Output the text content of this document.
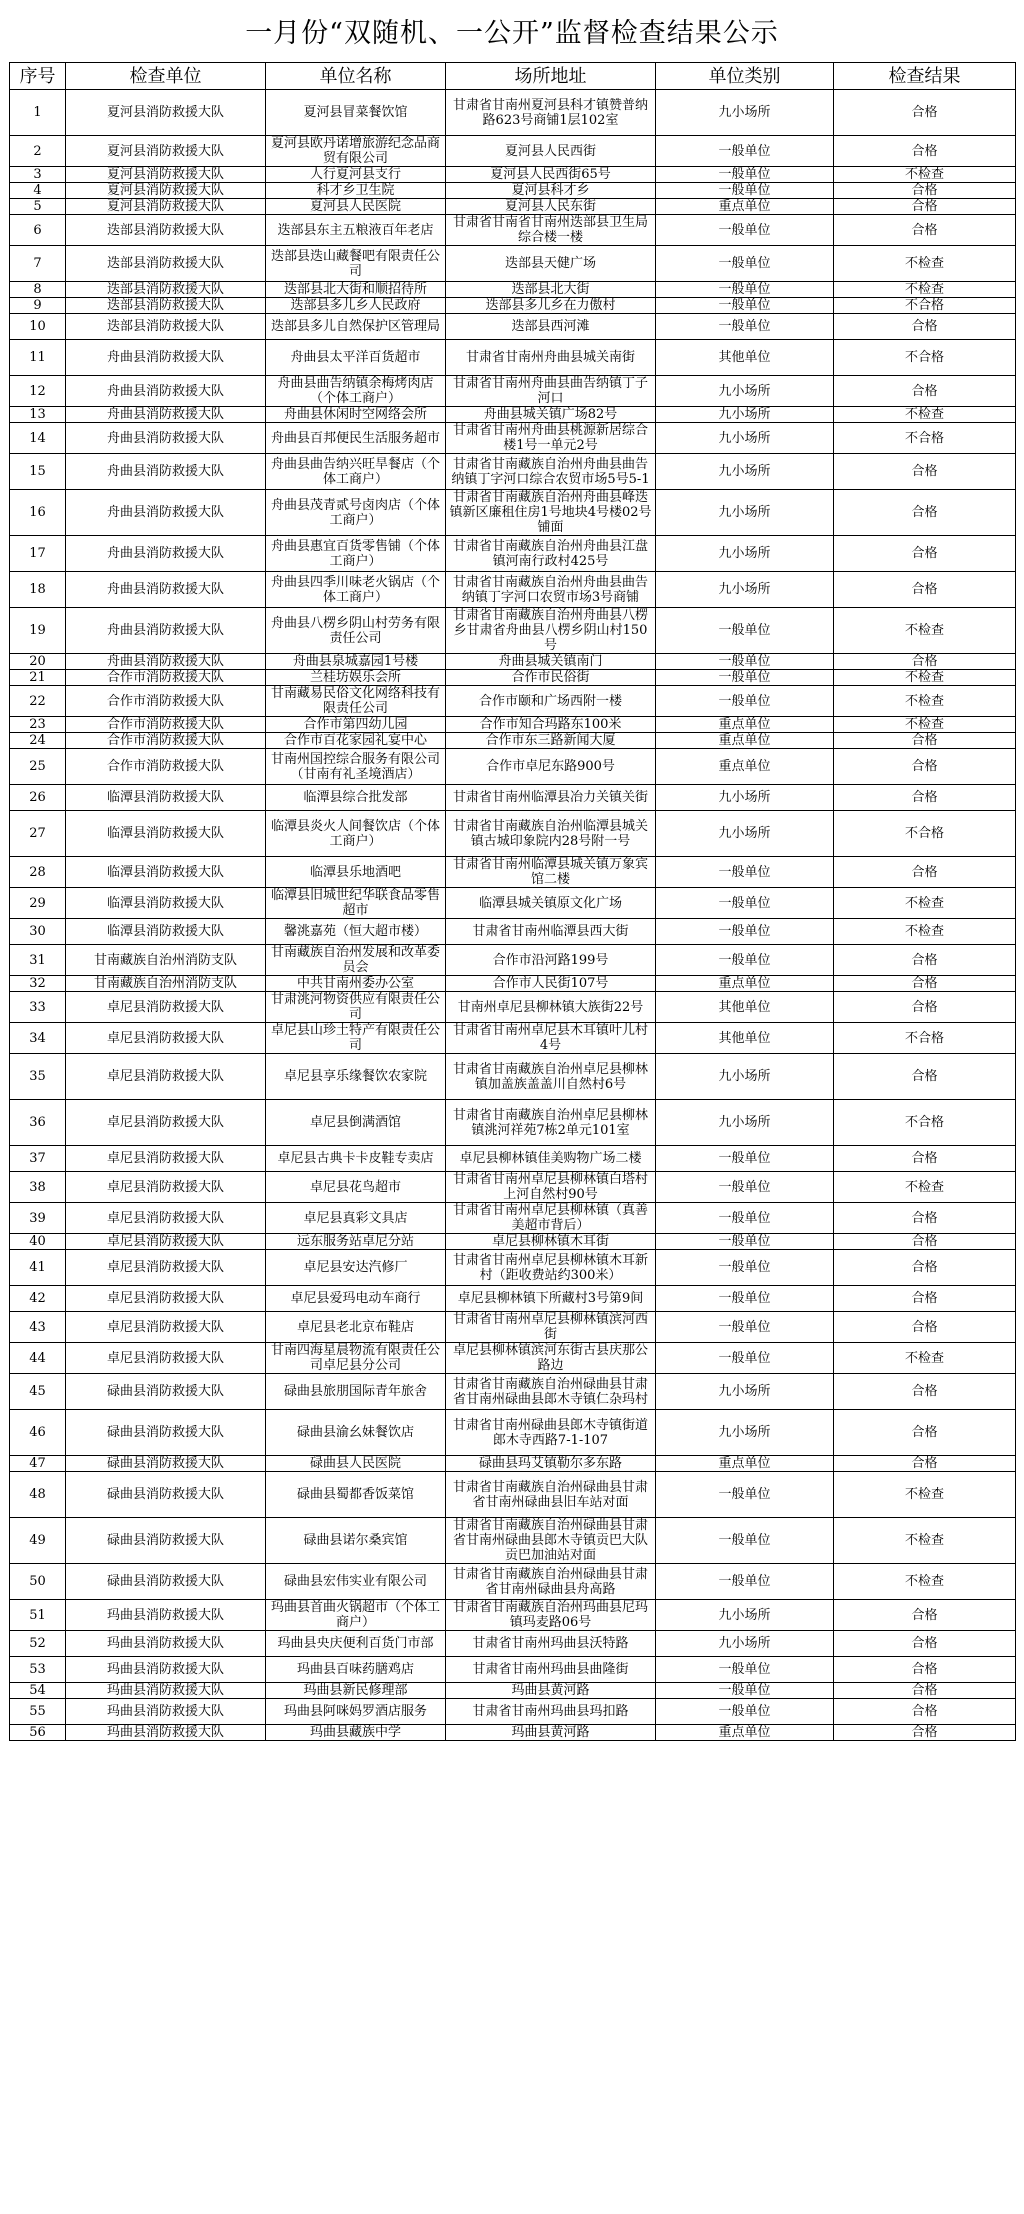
一月份“双随机、一公开”监督检查结果公示
序号	检查单位	单位名称	场所地址	单位类别	检查结果
1	夏河县消防救援大队	夏河县冒菜餐饮馆	甘肃省甘南州夏河县科才镇赞普纳路623号商铺1层102室	九小场所	合格
2	夏河县消防救援大队	夏河县欧丹诺增旅游纪念品商贸有限公司	夏河县人民西街	一般单位	合格
3	夏河县消防救援大队	人行夏河县支行	夏河县人民西街65号	一般单位	不检查
4	夏河县消防救援大队	科才乡卫生院	夏河县科才乡	一般单位	合格
5	夏河县消防救援大队	夏河县人民医院	夏河县人民东街	重点单位	合格
6	迭部县消防救援大队	迭部县东主五粮液百年老店	甘肃省甘南省甘南州迭部县卫生局综合楼一楼	一般单位	合格
7	迭部县消防救援大队	迭部县迭山藏餐吧有限责任公司	迭部县天健广场	一般单位	不检查
8	迭部县消防救援大队	迭部县北大街和顺招待所	迭部县北大街	一般单位	不检查
9	迭部县消防救援大队	迭部县多儿乡人民政府	迭部县多儿乡在力傲村	一般单位	不合格
10	迭部县消防救援大队	迭部县多儿自然保护区管理局	迭部县西河滩	一般单位	合格
11	舟曲县消防救援大队	舟曲县太平洋百货超市	甘肃省甘南州舟曲县城关南街	其他单位	不合格
12	舟曲县消防救援大队	舟曲县曲告纳镇余梅烤肉店（个体工商户）	甘肃省甘南州舟曲县曲告纳镇丁子河口	九小场所	合格
13	舟曲县消防救援大队	舟曲县休闲时空网络会所	舟曲县城关镇广场82号	九小场所	不检查
14	舟曲县消防救援大队	舟曲县百邦便民生活服务超市	甘肃省甘南州舟曲县桃源新居综合楼1号一单元2号	九小场所	不合格
15	舟曲县消防救援大队	舟曲县曲告纳兴旺旱餐店（个体工商户）	甘肃省甘南藏族自治州舟曲县曲告纳镇丁字河口综合农贸市场5号5-1	九小场所	合格
16	舟曲县消防救援大队	舟曲县茂青贰号卤肉店（个体工商户）	甘肃省甘南藏族自治州舟曲县峰迭镇新区廉租住房1号地块4号楼02号铺面	九小场所	合格
17	舟曲县消防救援大队	舟曲县惠宜百货零售铺（个体工商户）	甘肃省甘南藏族自治州舟曲县江盘镇河南行政村425号	九小场所	合格
18	舟曲县消防救援大队	舟曲县四季川味老火锅店（个体工商户）	甘肃省甘南藏族自治州舟曲县曲告纳镇丁字河口农贸市场3号商铺	九小场所	合格
19	舟曲县消防救援大队	舟曲县八楞乡阴山村劳务有限责任公司	甘肃省甘南藏族自治州舟曲县八楞乡甘肃省舟曲县八楞乡阴山村150号	一般单位	不检查
20	舟曲县消防救援大队	舟曲县泉城嘉园1号楼	舟曲县城关镇南门	一般单位	合格
21	合作市消防救援大队	兰桂坊娱乐会所	合作市民俗街	一般单位	不检查
22	合作市消防救援大队	甘南藏易民俗文化网络科技有限责任公司	合作市颐和广场西附一楼	一般单位	不检查
23	合作市消防救援大队	合作市第四幼儿园	合作市知合玛路东100米	重点单位	不检查
24	合作市消防救援大队	合作市百花家园礼宴中心	合作市东三路新闻大厦	重点单位	合格
25	合作市消防救援大队	甘南州国控综合服务有限公司（甘南有礼圣境酒店）	合作市卓尼东路900号	重点单位	合格
26	临潭县消防救援大队	临潭县综合批发部	甘肃省甘南州临潭县冶力关镇关街	九小场所	合格
27	临潭县消防救援大队	临潭县炎火人间餐饮店（个体工商户）	甘肃省甘南藏族自治州临潭县城关镇古城印象院内28号附一号	九小场所	不合格
28	临潭县消防救援大队	临潭县乐地酒吧	甘肃省甘南州临潭县城关镇万象宾馆二楼	一般单位	合格
29	临潭县消防救援大队	临潭县旧城世纪华联食品零售超市	临潭县城关镇原文化广场	一般单位	不检查
30	临潭县消防救援大队	馨洮嘉苑（恒大超市楼）	甘肃省甘南州临潭县西大街	一般单位	不检查
31	甘南藏族自治州消防支队	甘南藏族自治州发展和改革委员会	合作市沿河路199号	一般单位	合格
32	甘南藏族自治州消防支队	中共甘南州委办公室	合作市人民街107号	重点单位	合格
33	卓尼县消防救援大队	甘肃洮河物资供应有限责任公司	甘南州卓尼县柳林镇大族街22号	其他单位	合格
34	卓尼县消防救援大队	卓尼县山珍土特产有限责任公司	甘肃省甘南州卓尼县木耳镇叶儿村4号	其他单位	不合格
35	卓尼县消防救援大队	卓尼县享乐缘餐饮农家院	甘肃省甘南藏族自治州卓尼县柳林镇加盖族盖盖川自然村6号	九小场所	合格
36	卓尼县消防救援大队	卓尼县倒满酒馆	甘肃省甘南藏族自治州卓尼县柳林镇洮河祥苑7栋2单元101室	九小场所	不合格
37	卓尼县消防救援大队	卓尼县古典卡卡皮鞋专卖店	卓尼县柳林镇佳美购物广场二楼	一般单位	合格
38	卓尼县消防救援大队	卓尼县花鸟超市	甘肃省甘南州卓尼县柳林镇白塔村上河自然村90号	一般单位	不检查
39	卓尼县消防救援大队	卓尼县真彩文具店	甘肃省甘南州卓尼县柳林镇（真善美超市背后）	一般单位	合格
40	卓尼县消防救援大队	远东服务站卓尼分站	卓尼县柳林镇木耳街	一般单位	合格
41	卓尼县消防救援大队	卓尼县安达汽修厂	甘肃省甘南州卓尼县柳林镇木耳新村（距收费站约300米）	一般单位	合格
42	卓尼县消防救援大队	卓尼县爱玛电动车商行	卓尼县柳林镇下所藏村3号第9间	一般单位	合格
43	卓尼县消防救援大队	卓尼县老北京布鞋店	甘肃省甘南州卓尼县柳林镇滨河西街	一般单位	合格
44	卓尼县消防救援大队	甘南四海星晨物流有限责任公司卓尼县分公司	卓尼县柳林镇滨河东街古县庆那公路边	一般单位	不检查
45	碌曲县消防救援大队	碌曲县旅朋国际青年旅舍	甘肃省甘南藏族自治州碌曲县甘肃省甘南州碌曲县郎木寺镇仁杂玛村	九小场所	合格
46	碌曲县消防救援大队	碌曲县渝幺妹餐饮店	甘肃省甘南州碌曲县郎木寺镇街道郎木寺西路7-1-107	九小场所	合格
47	碌曲县消防救援大队	碌曲县人民医院	碌曲县玛艾镇勒尔多东路	重点单位	合格
48	碌曲县消防救援大队	碌曲县蜀都香饭菜馆	甘肃省甘南藏族自治州碌曲县甘肃省甘南州碌曲县旧车站对面	一般单位	不检查
49	碌曲县消防救援大队	碌曲县诺尔桑宾馆	甘肃省甘南藏族自治州碌曲县甘肃省甘南州碌曲县郎木寺镇贡巴大队贡巴加油站对面	一般单位	不检查
50	碌曲县消防救援大队	碌曲县宏伟实业有限公司	甘肃省甘南藏族自治州碌曲县甘肃省甘南州碌曲县舟高路	一般单位	不检查
51	玛曲县消防救援大队	玛曲县首曲火锅超市（个体工商户）	甘肃省甘南藏族自治州玛曲县尼玛镇玛麦路06号	九小场所	合格
52	玛曲县消防救援大队	玛曲县央庆便利百货门市部	甘肃省甘南州玛曲县沃特路	九小场所	合格
53	玛曲县消防救援大队	玛曲县百味药膳鸡店	甘肃省甘南州玛曲县曲隆街	一般单位	合格
54	玛曲县消防救援大队	玛曲县新民修理部	玛曲县黄河路	一般单位	合格
55	玛曲县消防救援大队	玛曲县阿咪妈罗酒店服务	甘肃省甘南州玛曲县玛扣路	一般单位	合格
56	玛曲县消防救援大队	玛曲县藏族中学	玛曲县黄河路	重点单位	合格
